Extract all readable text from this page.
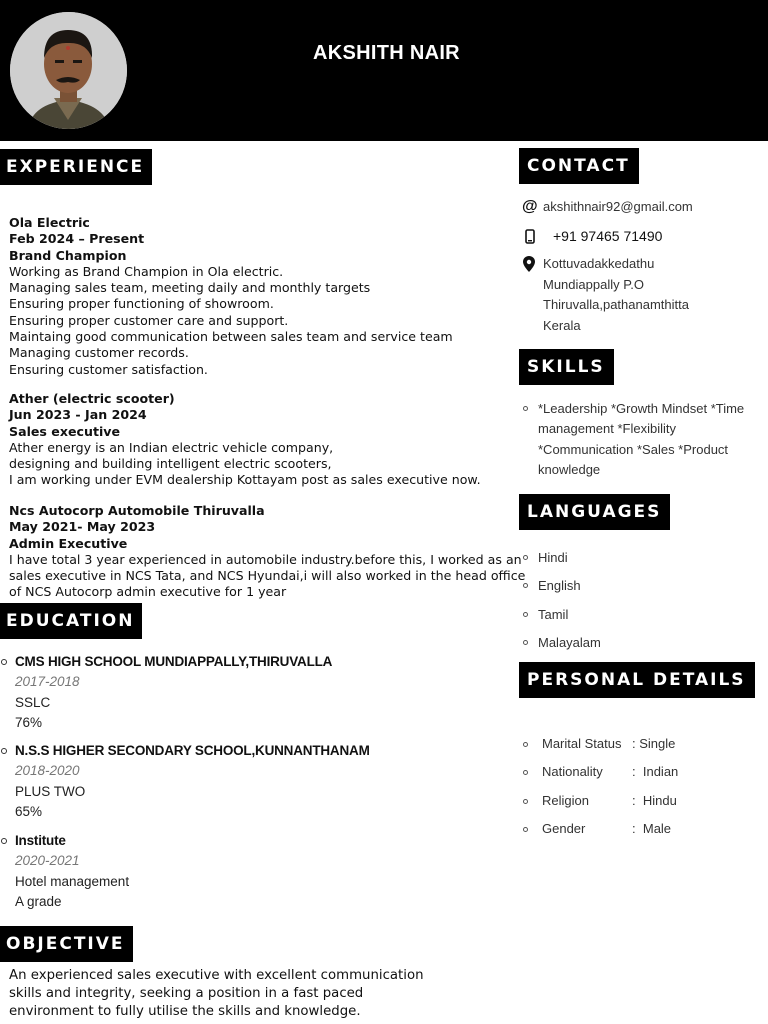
AKSHITH NAIR
EXPERIENCE
Ola Electric
Feb 2024 – Present
Brand Champion
Working as Brand Champion in Ola electric.
Managing sales team, meeting daily and monthly targets
Ensuring proper functioning of showroom.
Ensuring proper customer care and support.
Maintaing good communication between sales team and service team
Managing customer records.
Ensuring customer satisfaction.
Ather (electric scooter)
Jun 2023 - Jan 2024
Sales executive
Ather energy is an Indian electric vehicle company,
designing and building intelligent electric scooters,
I am working under EVM dealership Kottayam post as sales executive now.
Ncs Autocorp Automobile Thiruvalla
May 2021- May 2023
Admin Executive
I have total 3 year experienced in automobile industry.before this, I worked as an
sales executive in NCS Tata, and NCS Hyundai,i will also worked in the head office
of NCS Autocorp admin executive for 1 year
EDUCATION
CMS HIGH SCHOOL MUNDIAPPALLY,THIRUVALLA
2017-2018
SSLC
76%
N.S.S HIGHER SECONDARY SCHOOL,KUNNANTHANAM
2018-2020
PLUS TWO
65%
Institute
2020-2021
Hotel management
A grade
OBJECTIVE
An experienced sales executive with excellent communication skills and integrity, seeking a position in a fast paced environment to fully utilise the skills and knowledge.
CONTACT
@ akshithnair92@gmail.com
+91 97465 71490
Kottuvadakkedathu
Mundiappally P.O
Thiruvalla,pathanamthitta
Kerala
SKILLS
*Leadership *Growth Mindset *Time
management *Flexibility
*Communication *Sales *Product
knowledge
LANGUAGES
Hindi
English
Tamil
Malayalam
PERSONAL DETAILS
Marital Status : Single
Nationality : Indian
Religion	: Hindu
Gender	: Male
